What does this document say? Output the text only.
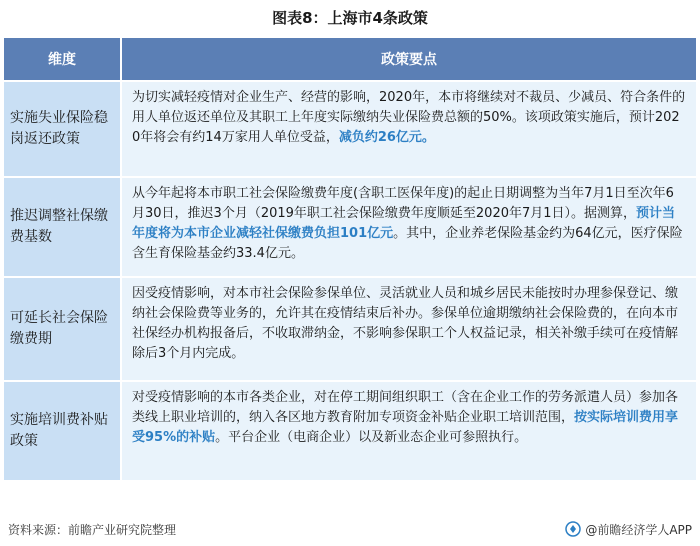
图表8：上海市4条政策
维度	政策要点
实施失业保险稳岗返还政策
为切实减轻疫情对企业生产、经营的影响，2020年，本市将继续对不裁员、少减员、符合条件的用人单位返还单位及其职工上年度实际缴纳失业保险费总额的50%。该项政策实施后，预计2020年将会有约14万家用人单位受益，减负约26亿元。
推迟调整社保缴费基数
从今年起将本市职工社会保险缴费年度(含职工医保年度)的起止日期调整为当年7月1日至次年6月30日，推迟3个月（2019年职工社会保险缴费年度顺延至2020年7月1日）。据测算，预计当年度将为本市企业减轻社保缴费负担101亿元。其中，企业养老保险基金约为64亿元，医疗保险含生育保险基金约33.4亿元。
可延长社会保险缴费期
因受疫情影响，对本市社会保险参保单位、灵活就业人员和城乡居民未能按时办理参保登记、缴纳社会保险费等业务的，允许其在疫情结束后补办。参保单位逾期缴纳社会保险费的，在向本市社保经办机构报备后，不收取滞纳金，不影响参保职工个人权益记录，相关补缴手续可在疫情解除后3个月内完成。
实施培训费补贴政策
对受疫情影响的本市各类企业，对在停工期间组织职工（含在企业工作的劳务派遣人员）参加各类线上职业培训的，纳入各区地方教育附加专项资金补贴企业职工培训范围，按实际培训费用享受95%的补贴。平台企业（电商企业）以及新业态企业可参照执行。
资料来源：前瞻产业研究院整理	@前瞻经济学人APP
